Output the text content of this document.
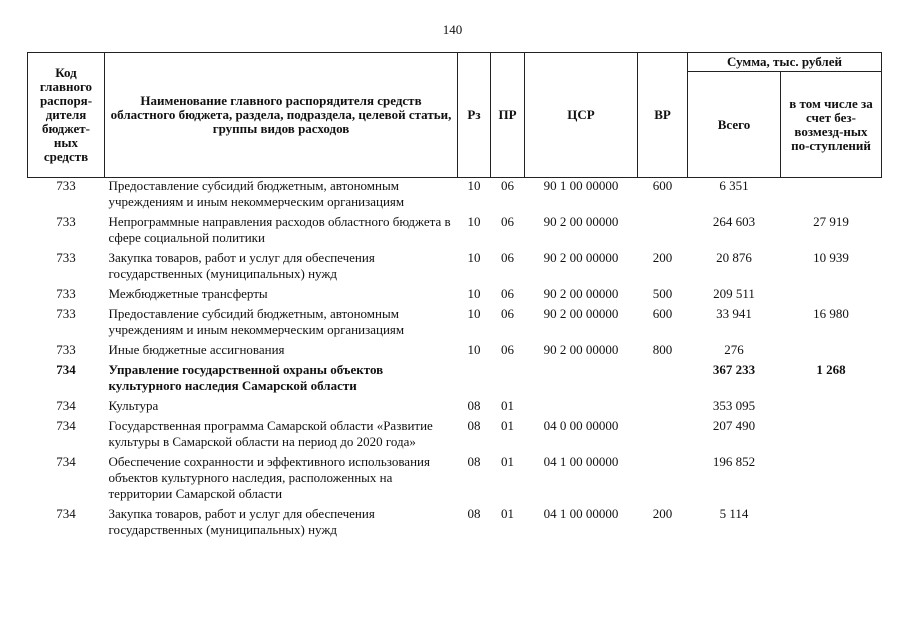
140
Код главного распоря-дителя бюджет-ных средств	Наименование главного распорядителя средств областного бюджета, раздела, подраздела, целевой статьи, группы видов расходов	Рз	ПР	ЦСР	ВР	Сумма, тыс. рублей	
						Всего	в том числе за счет без-возмезд-ных по-ступлений
733	Предоставление субсидий бюджетным, автономным учреждениям и иным некоммерческим организациям	10	06	90 1 00 00000	600	6 351	
733	Непрограммные направления расходов областного бюджета в сфере социальной политики	10	06	90 2 00 00000		264 603	27 919
733	Закупка товаров, работ и услуг для обеспечения государственных (муниципальных) нужд	10	06	90 2 00 00000	200	20 876	10 939
733	Межбюджетные трансферты	10	06	90 2 00 00000	500	209 511	
733	Предоставление субсидий бюджетным, автономным учреждениям и иным некоммерческим организациям	10	06	90 2 00 00000	600	33 941	16 980
733	Иные бюджетные ассигнования	10	06	90 2 00 00000	800	276	
734	Управление государственной охраны объектов культурного наследия Самарской области					367 233	1 268
734	Культура	08	01			353 095	
734	Государственная программа Самарской области «Развитие культуры в Самарской области на период до 2020 года»	08	01	04 0 00 00000		207 490	
734	Обеспечение сохранности и эффективного использования объектов культурного наследия, расположенных на территории Самарской области	08	01	04 1 00 00000		196 852	
734	Закупка товаров, работ и услуг для обеспечения государственных (муниципальных) нужд	08	01	04 1 00 00000	200	5 114	
